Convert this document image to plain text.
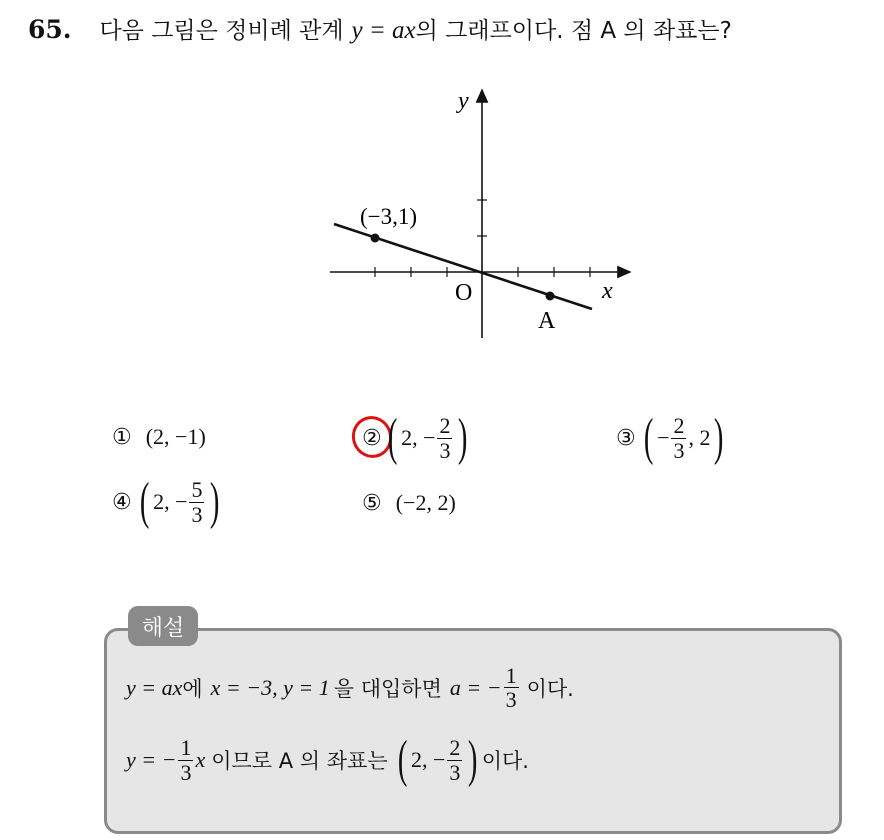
65. 다음 그림은 정비례 관계 y = ax의 그래프이다. 점 A 의 좌표는?
y
x
O
(−3,1)
A
① (2, −1)	② ( 2, − $\frac{2}{3}$ )	③ ( − $\frac{2}{3}$ , 2 )
④ ( 2, − $\frac{5}{3}$ )	⑤ (−2, 2)
해설
y = ax 에 x = −3, y = 1 을 대입하면 a = − $\frac{1}{3}$ 이다.
y = − $\frac{1}{3}$ x 이므로 A 의 좌표는 ( 2, − $\frac{2}{3}$ ) 이다.
